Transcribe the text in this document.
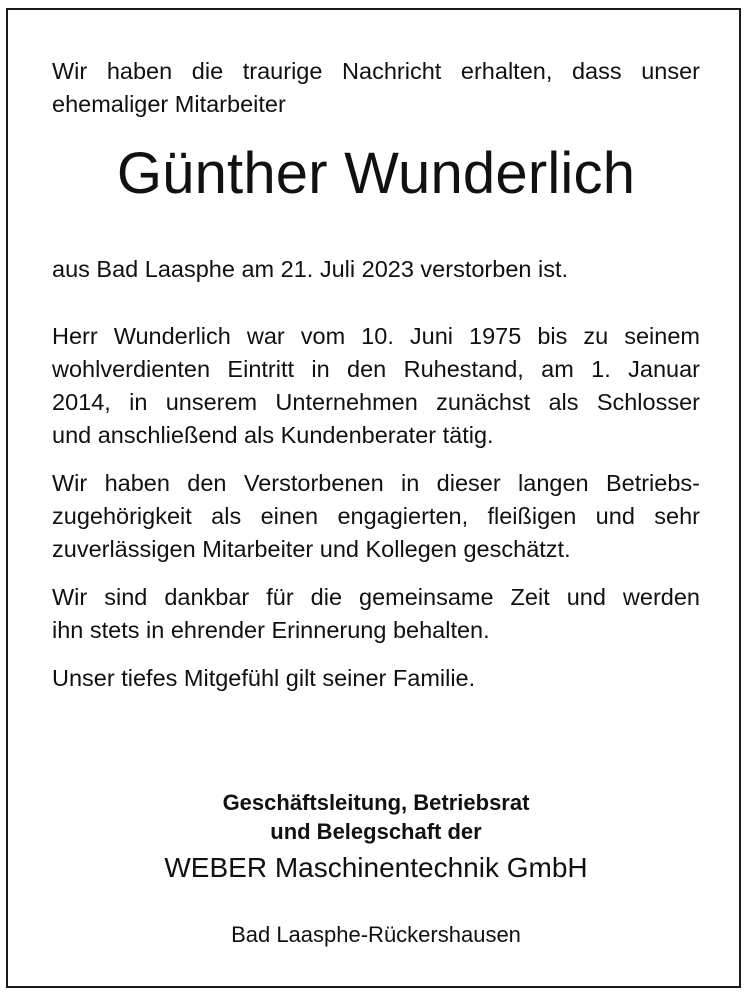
Wir haben die traurige Nachricht erhalten, dass unser
ehemaliger Mitarbeiter

Günther Wunderlich

aus Bad Laasphe am 21. Juli 2023 verstorben ist.

Herr Wunderlich war vom 10. Juni 1975 bis zu seinem
wohlverdienten Eintritt in den Ruhestand, am 1. Januar
2014, in unserem Unternehmen zunächst als Schlosser
und anschließend als Kundenberater tätig.

Wir haben den Verstorbenen in dieser langen Betriebs-
zugehörigkeit als einen engagierten, fleißigen und sehr
zuverlässigen Mitarbeiter und Kollegen geschätzt.

Wir sind dankbar für die gemeinsame Zeit und werden
ihn stets in ehrender Erinnerung behalten.

Unser tiefes Mitgefühl gilt seiner Familie.

Geschäftsleitung, Betriebsrat

und Belegschaft der

WEBER Maschinentechnik GmbH

Bad Laasphe-Rückershausen
